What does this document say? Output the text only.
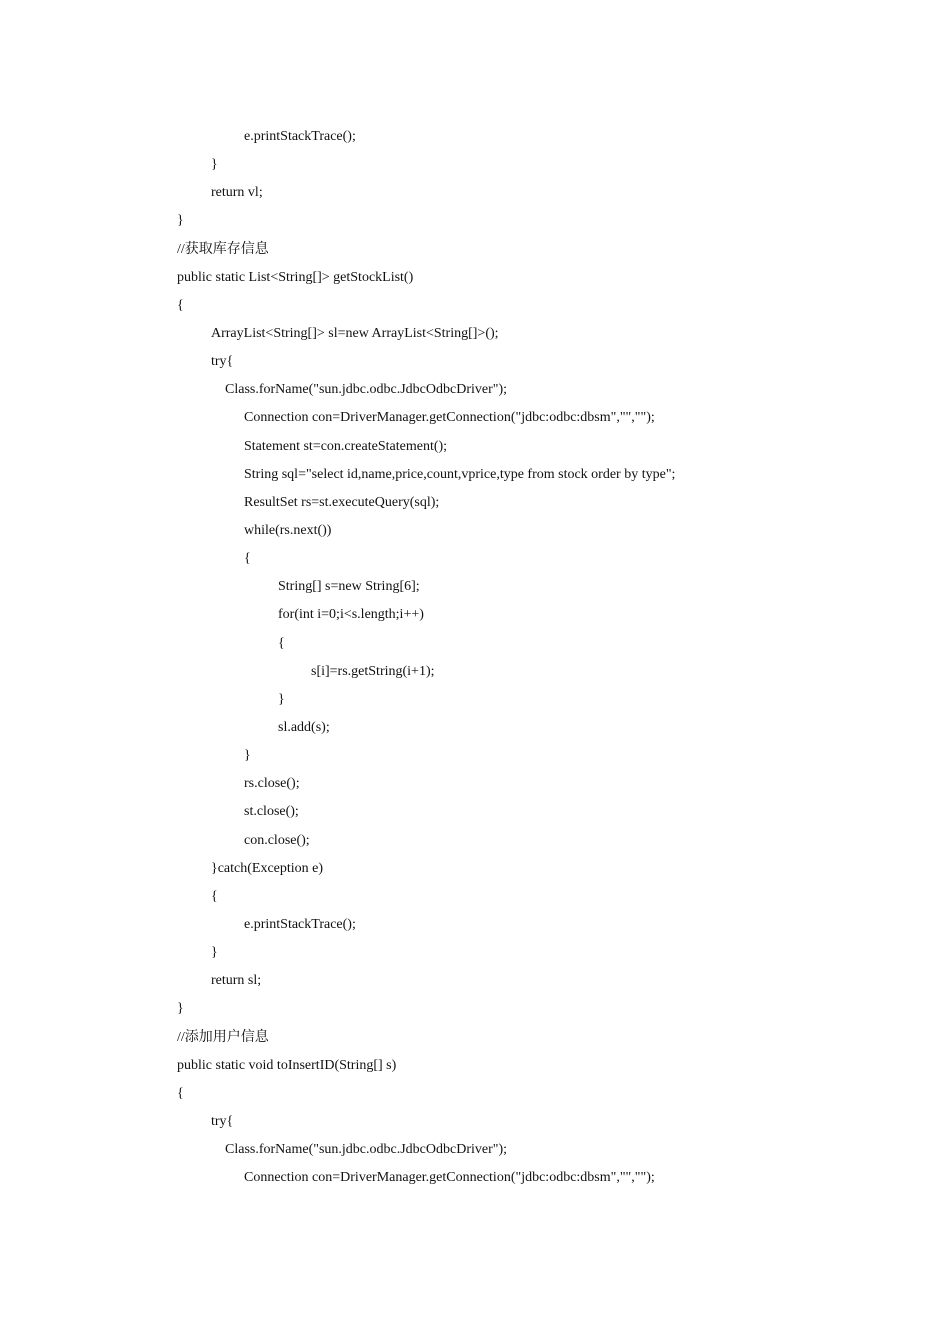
e.printStackTrace();
}
return vl;
}
//获取库存信息
public static List<String[]> getStockList()
{
ArrayList<String[]> sl=new ArrayList<String[]>();
try{
Class.forName("sun.jdbc.odbc.JdbcOdbcDriver");
Connection con=DriverManager.getConnection("jdbc:odbc:dbsm","","");
Statement st=con.createStatement();
String sql="select id,name,price,count,vprice,type from stock order by type";
ResultSet rs=st.executeQuery(sql);
while(rs.next())
{
String[] s=new String[6];
for(int i=0;i<s.length;i++)
{
s[i]=rs.getString(i+1);
}
sl.add(s);
}
rs.close();
st.close();
con.close();
}catch(Exception e)
{
e.printStackTrace();
}
return sl;
}
//添加用户信息
public static void toInsertID(String[] s)
{
try{
Class.forName("sun.jdbc.odbc.JdbcOdbcDriver");
Connection con=DriverManager.getConnection("jdbc:odbc:dbsm","","");
